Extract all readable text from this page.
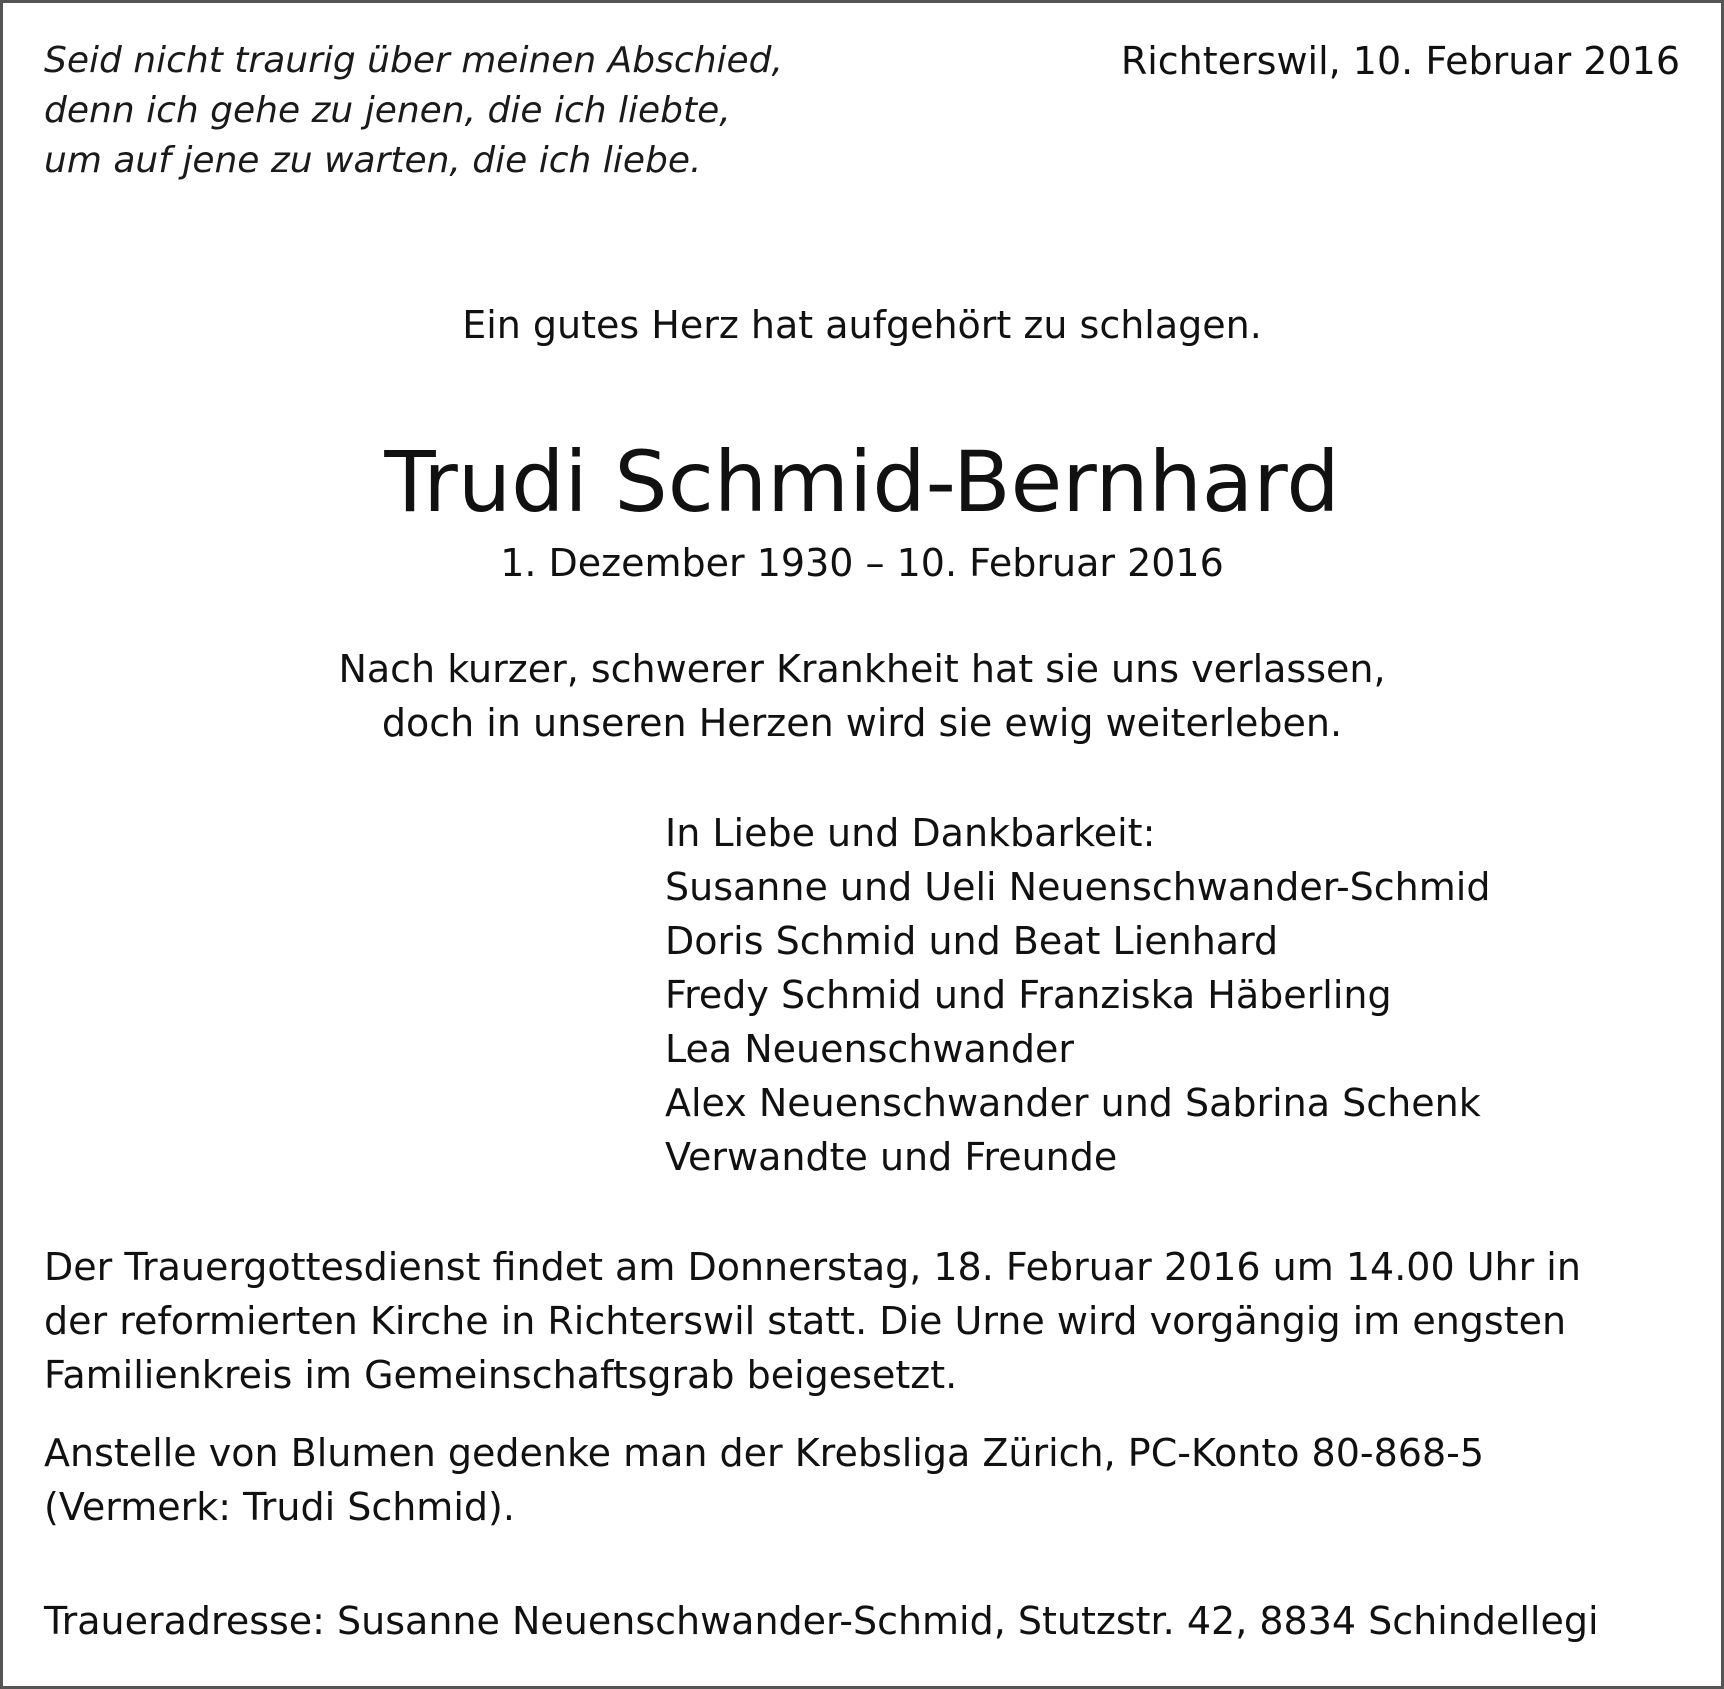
Seid nicht traurig über meinen Abschied,
denn ich gehe zu jenen, die ich liebte,
um auf jene zu warten, die ich liebe.
Richterswil, 10. Februar 2016
Ein gutes Herz hat aufgehört zu schlagen.
Trudi Schmid-Bernhard
1. Dezember 1930 – 10. Februar 2016
Nach kurzer, schwerer Krankheit hat sie uns verlassen,
doch in unseren Herzen wird sie ewig weiterleben.
In Liebe und Dankbarkeit:
Susanne und Ueli Neuenschwander-Schmid
Doris Schmid und Beat Lienhard
Fredy Schmid und Franziska Häberling
Lea Neuenschwander
Alex Neuenschwander und Sabrina Schenk
Verwandte und Freunde
Der Trauergottesdienst findet am Donnerstag, 18. Februar 2016 um 14.00 Uhr in
der reformierten Kirche in Richterswil statt. Die Urne wird vorgängig im engsten
Familienkreis im Gemeinschaftsgrab beigesetzt.
Anstelle von Blumen gedenke man der Krebsliga Zürich, PC-Konto 80-868-5
(Vermerk: Trudi Schmid).
Traueradresse: Susanne Neuenschwander-Schmid, Stutzstr. 42, 8834 Schindellegi
